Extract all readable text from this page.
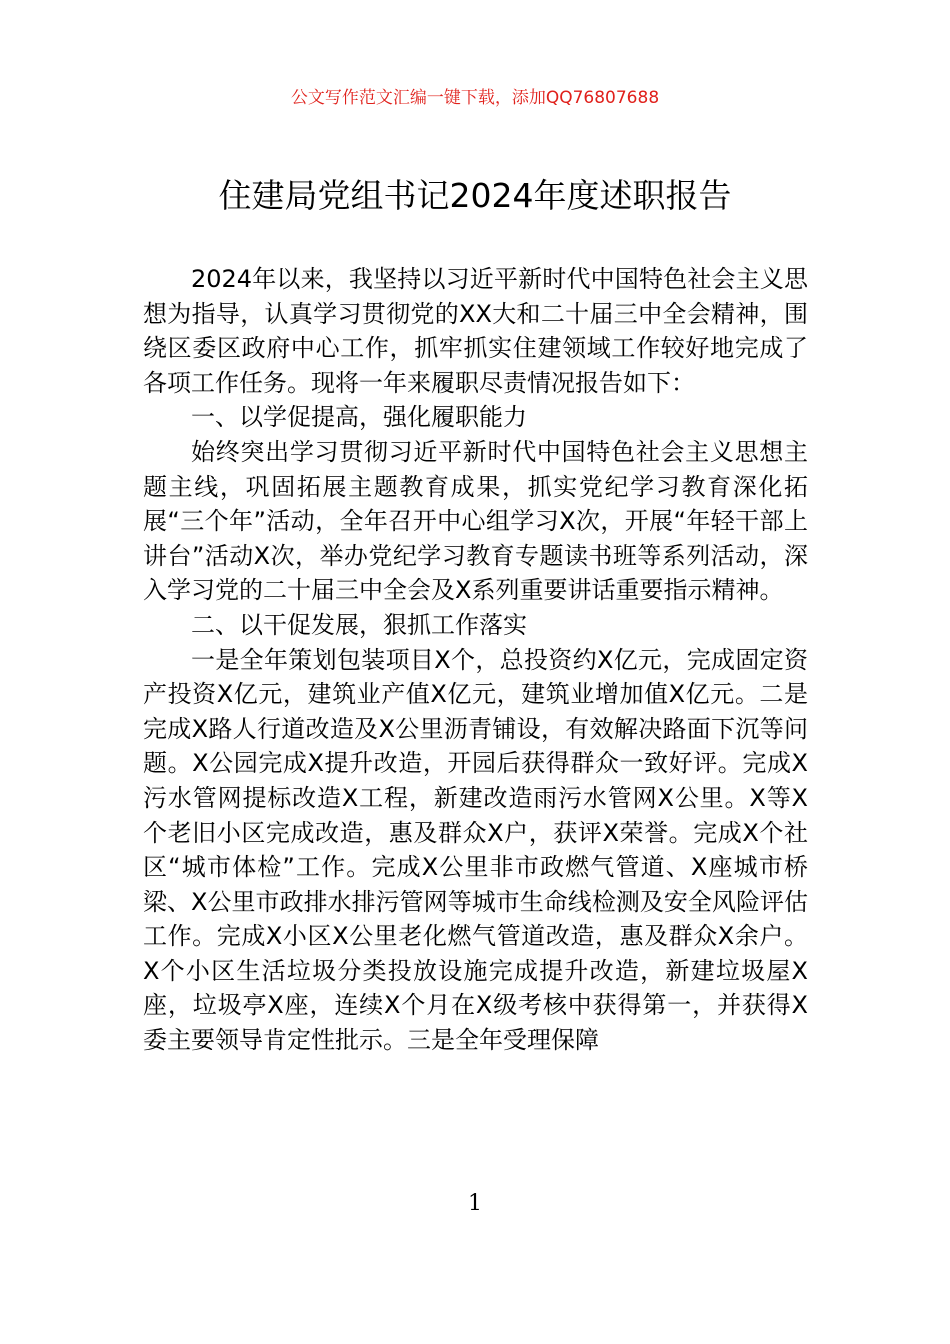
公文写作范文汇编一键下载，添加QQ76807688
住建局党组书记2024年度述职报告

2024年以来，我坚持以习近平新时代中国特色社会主义思想为指导，认真学习贯彻党的XX大和二十届三中全会精神，围绕区委区政府中心工作，抓牢抓实住建领域工作较好地完成了各项工作任务。现将一年来履职尽责情况报告如下：

一、以学促提高，强化履职能力

始终突出学习贯彻习近平新时代中国特色社会主义思想主题主线，巩固拓展主题教育成果，抓实党纪学习教育深化拓展“三个年”活动，全年召开中心组学习X次，开展“年轻干部上讲台”活动X次，举办党纪学习教育专题读书班等系列活动，深入学习党的二十届三中全会及X系列重要讲话重要指示精神。

二、以干促发展，狠抓工作落实

一是全年策划包装项目X个，总投资约X亿元，完成固定资产投资X亿元，建筑业产值X亿元，建筑业增加值X亿元。二是完成X路人行道改造及X公里沥青铺设，有效解决路面下沉等问题。X公园完成X提升改造，开园后获得群众一致好评。完成X污水管网提标改造X工程，新建改造雨污水管网X公里。X等X个老旧小区完成改造，惠及群众X户，获评X荣誉。完成X个社区“城市体检”工作。完成X公里非市政燃气管道、X座城市桥梁、X公里市政排水排污管网等城市生命线检测及安全风险评估工作。完成X小区X公里老化燃气管道改造，惠及群众X余户。X个小区生活垃圾分类投放设施完成提升改造，新建垃圾屋X座，垃圾亭X座，连续X个月在X级考核中获得第一，并获得X委主要领导肯定性批示。三是全年受理保障

1
